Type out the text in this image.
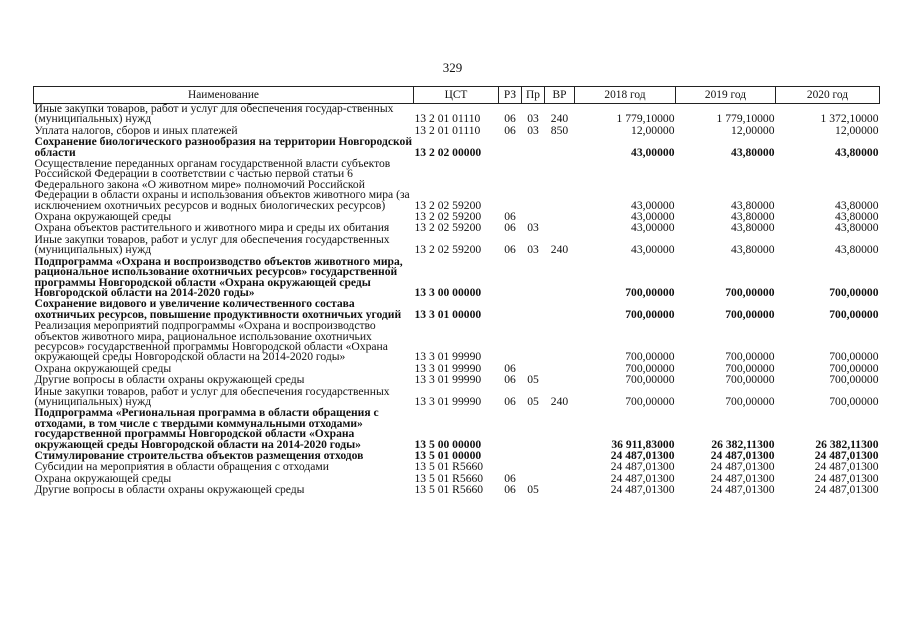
329
Наименование	ЦСТ	РЗ	Пр	ВР	2018 год	2019 год	2020 год
Иные закупки товаров, работ и услуг для обеспечения государ-ственных (муниципальных) нужд	13 2 01 01110	06	03	240	1 779,10000	1 779,10000	1 372,10000
Уплата налогов, сборов и иных платежей	13 2 01 01110	06	03	850	12,00000	12,00000	12,00000
Сохранение биологического разнообразия на территории Новгородской области	13 2 02 00000				43,00000	43,80000	43,80000
Осуществление переданных органам государственной власти субъектов Российской Федерации в соответствии с частью первой статьи 6 Федерального закона «О животном мире» полномочий Российской Федерации в области охраны и использования объектов животного мира (за исключением охотничьих ресурсов и водных биологических ресурсов)	13 2 02 59200				43,00000	43,80000	43,80000
Охрана окружающей среды	13 2 02 59200	06			43,00000	43,80000	43,80000
Охрана объектов растительного и животного мира и среды их обитания	13 2 02 59200	06	03		43,00000	43,80000	43,80000
Иные закупки товаров, работ и услуг для обеспечения государственных (муниципальных) нужд	13 2 02 59200	06	03	240	43,00000	43,80000	43,80000
Подпрограмма «Охрана и воспроизводство объектов животного мира, рациональное использование охотничьих ресурсов» государственной программы Новгородской области «Охрана окружающей среды Новгородской области на 2014-2020 годы»	13 3 00 00000				700,00000	700,00000	700,00000
Сохранение видового и увеличение количественного состава охотничьих ресурсов, повышение продуктивности охотничьих угодий	13 3 01 00000				700,00000	700,00000	700,00000
Реализация мероприятий подпрограммы «Охрана и воспроизводство объектов животного мира, рациональное использование охотничьих ресурсов» государственной программы Новгородской области «Охрана окружающей среды Новгородской области на 2014-2020 годы»	13 3 01 99990				700,00000	700,00000	700,00000
Охрана окружающей среды	13 3 01 99990	06			700,00000	700,00000	700,00000
Другие вопросы в области охраны окружающей среды	13 3 01 99990	06	05		700,00000	700,00000	700,00000
Иные закупки товаров, работ и услуг для обеспечения государственных (муниципальных) нужд	13 3 01 99990	06	05	240	700,00000	700,00000	700,00000
Подпрограмма «Региональная программа в области обращения с отходами, в том числе с твердыми коммунальными отходами» государственной программы Новгородской области «Охрана окружающей среды Новгородской области на 2014-2020 годы»	13 5 00 00000				36 911,83000	26 382,11300	26 382,11300
Стимулирование строительства объектов размещения отходов	13 5 01 00000				24 487,01300	24 487,01300	24 487,01300
Субсидии на мероприятия в области обращения с отходами	13 5 01 R5660				24 487,01300	24 487,01300	24 487,01300
Охрана окружающей среды	13 5 01 R5660	06			24 487,01300	24 487,01300	24 487,01300
Другие вопросы в области охраны окружающей среды	13 5 01 R5660	06	05		24 487,01300	24 487,01300	24 487,01300
